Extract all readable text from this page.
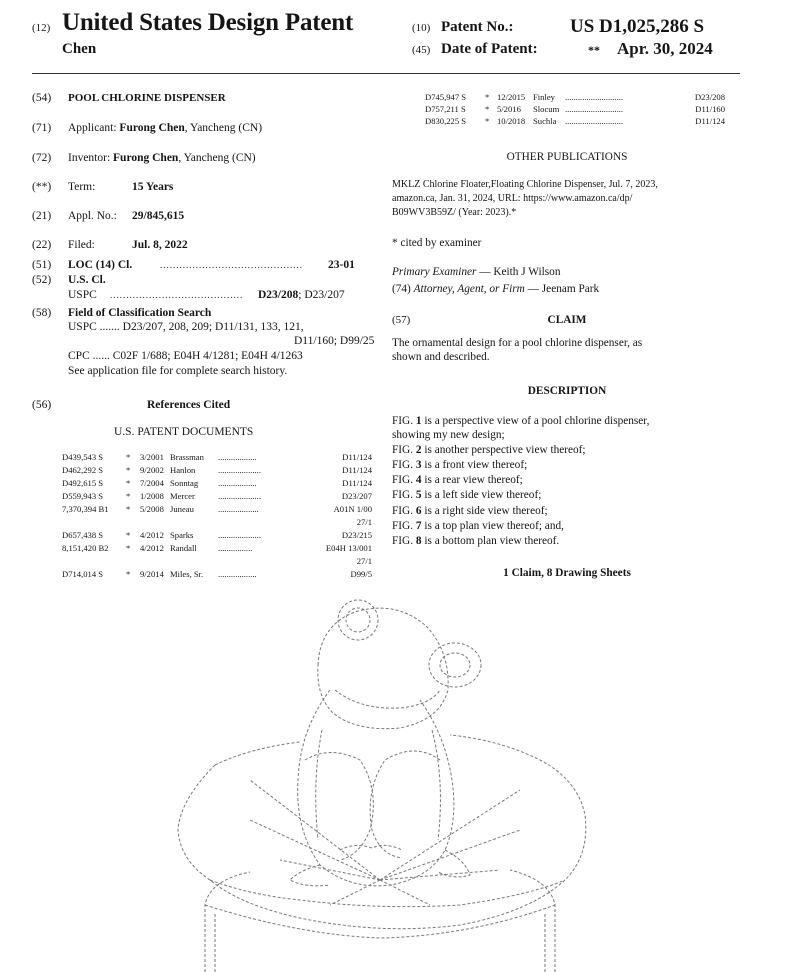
(12) United States Design Patent
Chen
(10) Patent No.:	US D1,025,286 S
(45) Date of Patent:	** Apr. 30, 2024
(54)	POOL CHLORINE DISPENSER
(71)	Applicant: Furong Chen, Yancheng (CN)
(72)	Inventor: Furong Chen, Yancheng (CN)
(**)	Term:	15 Years
(21)	Appl. No.: 29/845,615
(22)	Filed:	Jul. 8, 2022
(51)	LOC (14) Cl.	............................................ 23-01
(52)	U.S. Cl.
USPC ......................................... D23/208; D23/207
(58)	Field of Classification Search
USPC ....... D23/207, 208, 209; D11/131, 133, 121,
D11/160; D99/25
CPC ...... C02F 1/688; E04H 4/1281; E04H 4/1263
See application file for complete search history.
(56)	References Cited
U.S. PATENT DOCUMENTS
D439,543 S	* 3/2001 Brassman ..................	D11/124
D462,292 S	* 9/2002 Hanlon	....................	D11/124
D492,615 S	* 7/2004 Sonntag ..................	D11/124
D559,943 S	* 1/2008 Mercer	....................	D23/207
7,370,394 B1 * 5/2008 Juneau	...................	A01N 1/00
27/1
D657,438 S	* 4/2012 Sparks	....................	D23/215
8,151,420 B2 * 4/2012 Randall ................	E04H 13/001
27/1
D714,014 S	* 9/2014 Miles, Sr. ..................	D99/5
D745,947 S * 12/2015 Finley ...........................	D23/208
D757,211 S * 5/2016 Slocum ...........................	D11/160
D830,225 S * 10/2018 Suchla ...........................	D11/124
OTHER PUBLICATIONS
MKLZ Chlorine Floater,Floating Chlorine Dispenser, Jul. 7, 2023,
amazon.ca, Jan. 31, 2024, URL: https://www.amazon.ca/dp/
B09WV3B59Z/ (Year: 2023).*
* cited by examiner
Primary Examiner — Keith J Wilson
(74) Attorney, Agent, or Firm — Jeenam Park
(57)	CLAIM
The ornamental design for a pool chlorine dispenser, as
shown and described.
DESCRIPTION
FIG. 1 is a perspective view of a pool chlorine dispenser,
showing my new design;
FIG. 2 is another perspective view thereof;
FIG. 3 is a front view thereof;
FIG. 4 is a rear view thereof;
FIG. 5 is a left side view thereof;
FIG. 6 is a right side view thereof;
FIG. 7 is a top plan view thereof; and,
FIG. 8 is a bottom plan view thereof.
1 Claim, 8 Drawing Sheets
